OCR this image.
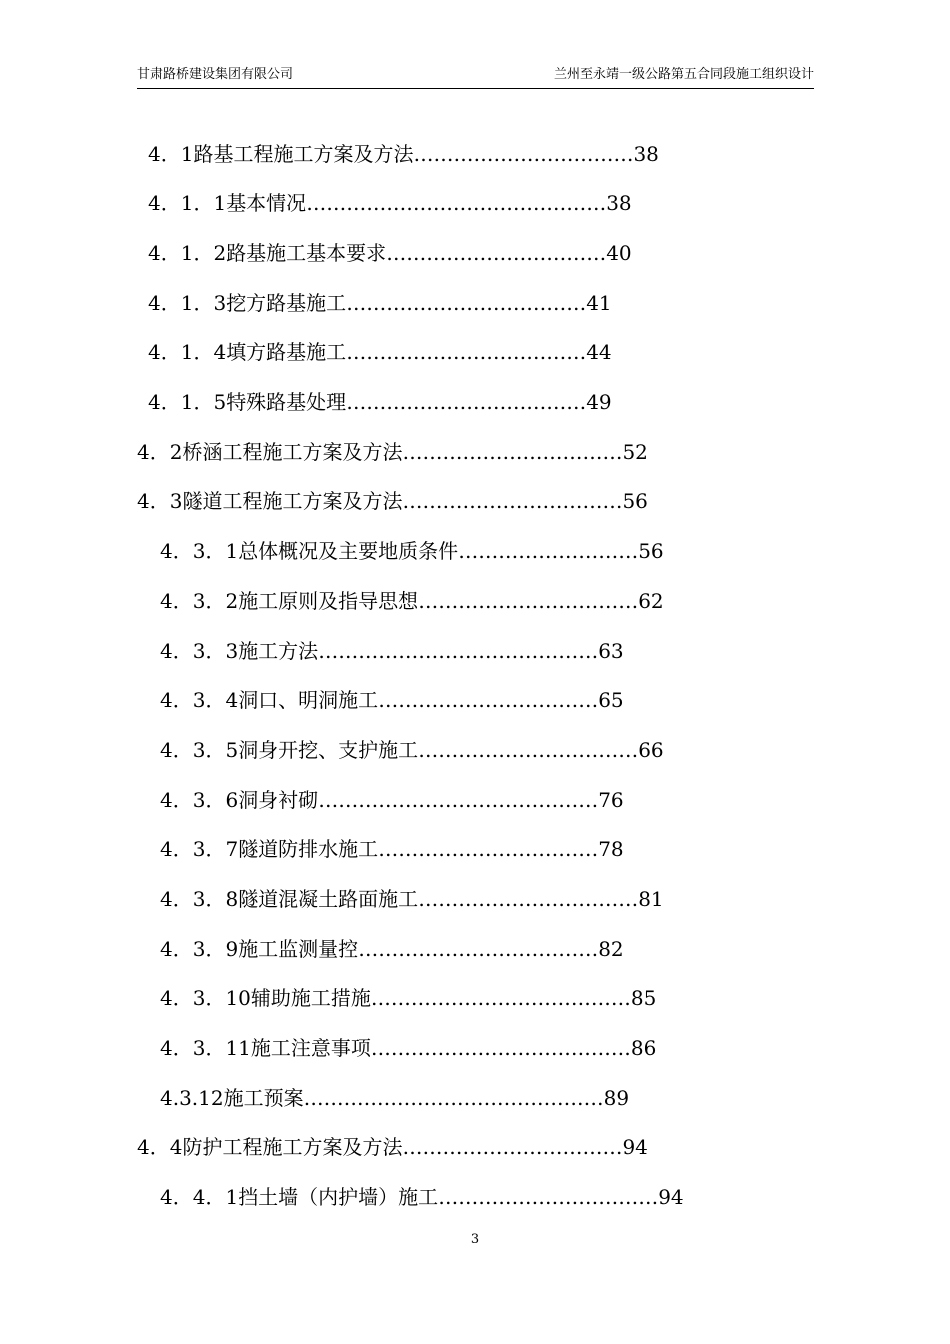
甘肃路桥建设集团有限公司	兰州至永靖一级公路第五合同段施工组织设计
4．1路基工程施工方案及方法……………………………38
4．1．1基本情况………………………………………38
4．1．2路基施工基本要求……………………………40
4．1．3挖方路基施工………………………………41
4．1．4填方路基施工………………………………44
4．1．5特殊路基处理………………………………49
4．2桥涵工程施工方案及方法……………………………52
4．3隧道工程施工方案及方法……………………………56
4．3．1总体概况及主要地质条件………………………56
4．3．2施工原则及指导思想……………………………62
4．3．3施工方法……………………………………63
4．3．4洞口、明洞施工……………………………65
4．3．5洞身开挖、支护施工……………………………66
4．3．6洞身衬砌……………………………………76
4．3．7隧道防排水施工……………………………78
4．3．8隧道混凝土路面施工……………………………81
4．3．9施工监测量控………………………………82
4．3．10辅助施工措施…………………………………85
4．3．11施工注意事项…………………………………86
4.3.12施工预案………………………………………89
4．4防护工程施工方案及方法……………………………94
4．4．1挡土墙（内护墙）施工……………………………94
3
